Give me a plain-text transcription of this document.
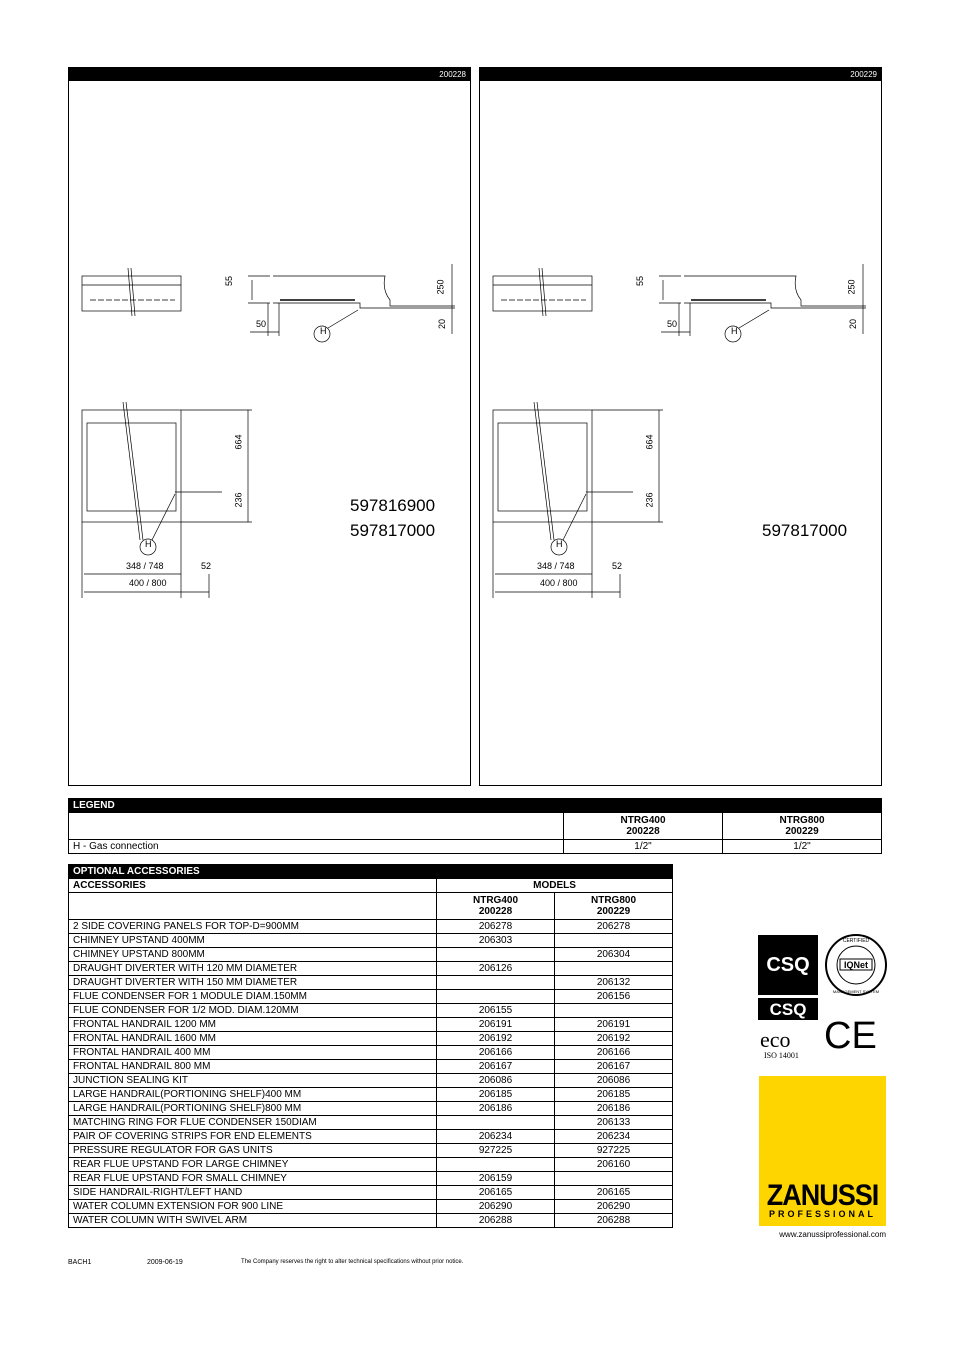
200228	200229
55	250
20
50
H
664
236
H
348 / 748	52
400 / 800
55	250
20
50
H
664
236
H
348 / 748	52
400 / 800
597816900
597817000	597817000
LEGEND		
	NTRG400
200228	NTRG800
200229
H - Gas connection	1/2"	1/2"
OPTIONAL ACCESSORIES		
ACCESSORIES	MODELS	
	NTRG400
200228	NTRG800
200229
2 SIDE COVERING PANELS FOR TOP-D=900MM	206278	206278
CHIMNEY UPSTAND 400MM	206303	
CHIMNEY UPSTAND 800MM		206304
DRAUGHT DIVERTER WITH 120 MM DIAMETER	206126	
DRAUGHT DIVERTER WITH 150 MM DIAMETER		206132
FLUE CONDENSER FOR 1 MODULE DIAM.150MM		206156
FLUE CONDENSER FOR 1/2 MOD. DIAM.120MM	206155	
FRONTAL HANDRAIL 1200 MM	206191	206191
FRONTAL HANDRAIL 1600 MM	206192	206192
FRONTAL HANDRAIL 400 MM	206166	206166
FRONTAL HANDRAIL 800 MM	206167	206167
JUNCTION SEALING KIT	206086	206086
LARGE HANDRAIL(PORTIONING SHELF)400 MM	206185	206185
LARGE HANDRAIL(PORTIONING SHELF)800 MM	206186	206186
MATCHING RING FOR FLUE CONDENSER 150DIAM		206133
PAIR OF COVERING STRIPS FOR END ELEMENTS	206234	206234
PRESSURE REGULATOR FOR GAS UNITS	927225	927225
REAR FLUE UPSTAND FOR LARGE CHIMNEY		206160
REAR FLUE UPSTAND FOR SMALL CHIMNEY	206159	
SIDE HANDRAIL-RIGHT/LEFT HAND	206165	206165
WATER COLUMN EXTENSION FOR 900 LINE	206290	206290
WATER COLUMN WITH SWIVEL ARM	206288	206288
CSQ
CERTIFIED
MANAGEMENT SYSTEM
IQNet
CSQ
eco
ISO 14001 CE
ZANUSSI
PROFESSIONAL
www.zanussiprofessional.com
BACH1	2009-06-19	The Company reserves the right to alter technical specifications without prior notice.
